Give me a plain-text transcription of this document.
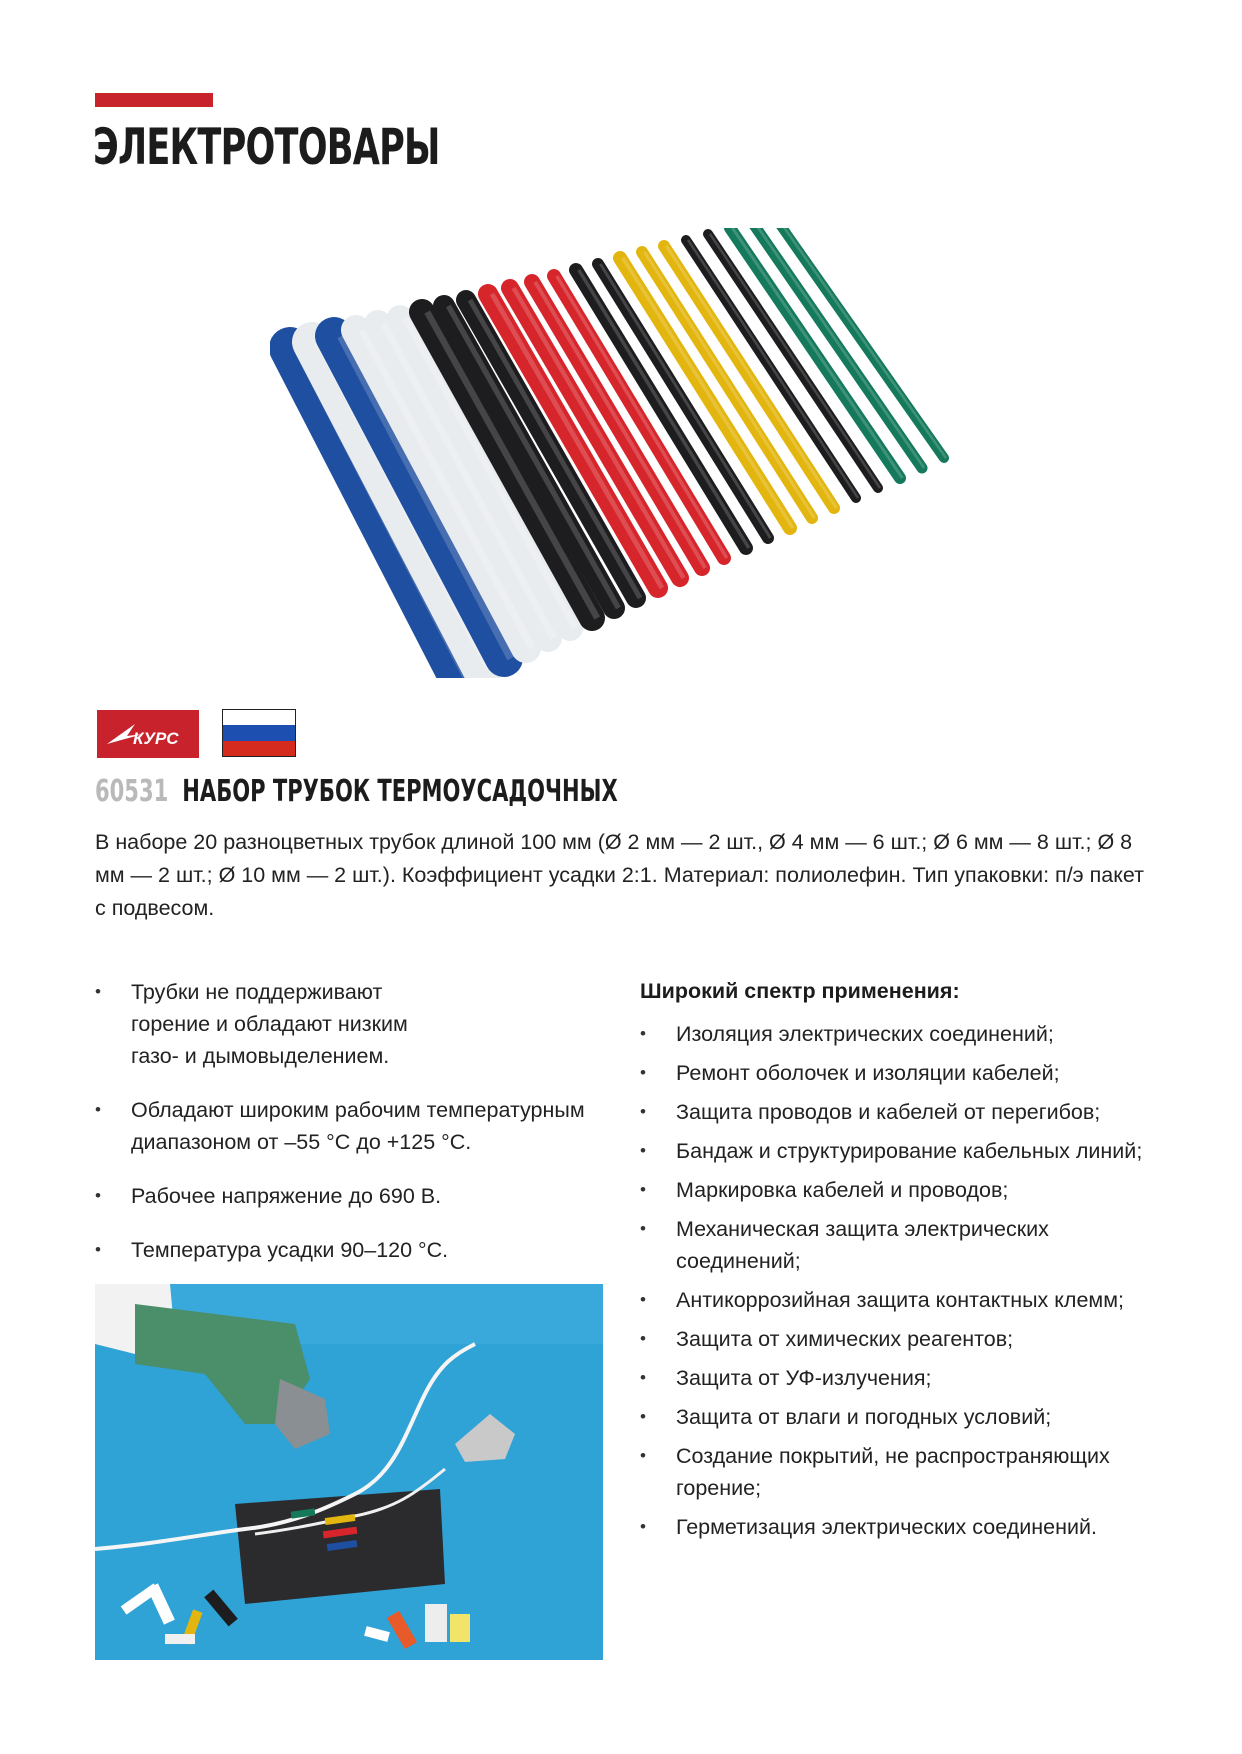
ЭЛЕКТРОТОВАРЫ
КУРС
60531 НАБОР ТРУБОК ТЕРМОУСАДОЧНЫХ

В наборе 20 разноцветных трубок длиной 100 мм (Ø 2 мм — 2 шт., Ø 4 мм — 6 шт.; Ø 6 мм — 8 шт.; Ø 8 мм — 2 шт.; Ø 10 мм — 2 шт.). Коэффициент усадки 2:1. Материал: полиолефин. Тип упаковки: п/э пакет с подвесом.

• Трубки не поддерживают горение и обладают низким газо- и дымовыделением.
• Обладают широким рабочим температурным диапазоном от –55 °C до +125 °C.
• Рабочее напряжение до 690 В.
• Температура усадки 90–120 °C.

Широкий спектр применения:

• Изоляция электрических соединений;
• Ремонт оболочек и изоляции кабелей;
• Защита проводов и кабелей от перегибов;
• Бандаж и структурирование кабельных линий;
• Маркировка кабелей и проводов;
• Механическая защита электрических соединений;
• Антикоррозийная защита контактных клемм;
• Защита от химических реагентов;
• Защита от УФ-излучения;
• Защита от влаги и погодных условий;
• Создание покрытий, не распространяющих горение;
• Герметизация электрических соединений.
